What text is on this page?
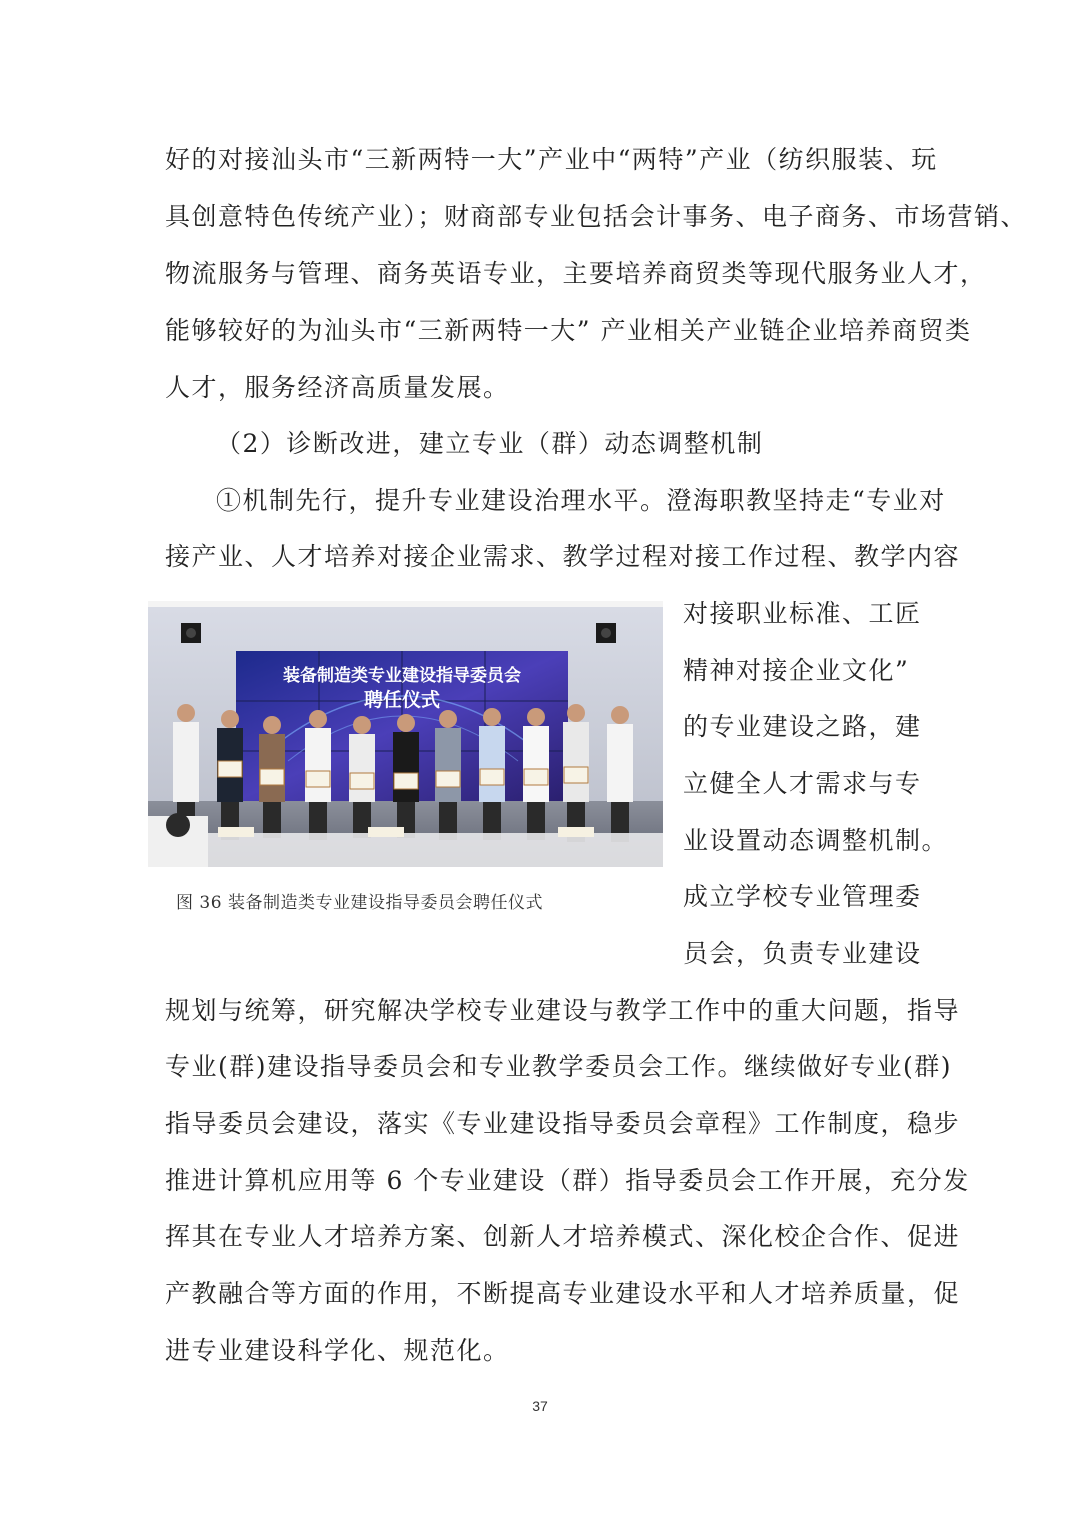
好的对接汕头市“三新两特一大”产业中“两特”产业（纺织服装、玩
具创意特色传统产业）；财商部专业包括会计事务、电子商务、市场营销、
物流服务与管理、商务英语专业，主要培养商贸类等现代服务业人才，
能够较好的为汕头市“三新两特一大” 产业相关产业链企业培养商贸类
人才，服务经济高质量发展。
（2）诊断改进，建立专业（群）动态调整机制
①机制先行，提升专业建设治理水平。澄海职教坚持走“专业对
接产业、人才培养对接企业需求、教学过程对接工作过程、教学内容
装备制造类专业建设指导委员会
聘任仪式
图 36 装备制造类专业建设指导委员会聘任仪式
对接职业标准、工匠
精神对接企业文化”
的专业建设之路，建
立健全人才需求与专
业设置动态调整机制。
成立学校专业管理委
员会，负责专业建设
规划与统筹，研究解决学校专业建设与教学工作中的重大问题，指导
专业(群)建设指导委员会和专业教学委员会工作。继续做好专业(群)
指导委员会建设，落实《专业建设指导委员会章程》工作制度，稳步
推进计算机应用等 6 个专业建设（群）指导委员会工作开展，充分发
挥其在专业人才培养方案、创新人才培养模式、深化校企合作、促进
产教融合等方面的作用，不断提高专业建设水平和人才培养质量，促
进专业建设科学化、规范化。
37
